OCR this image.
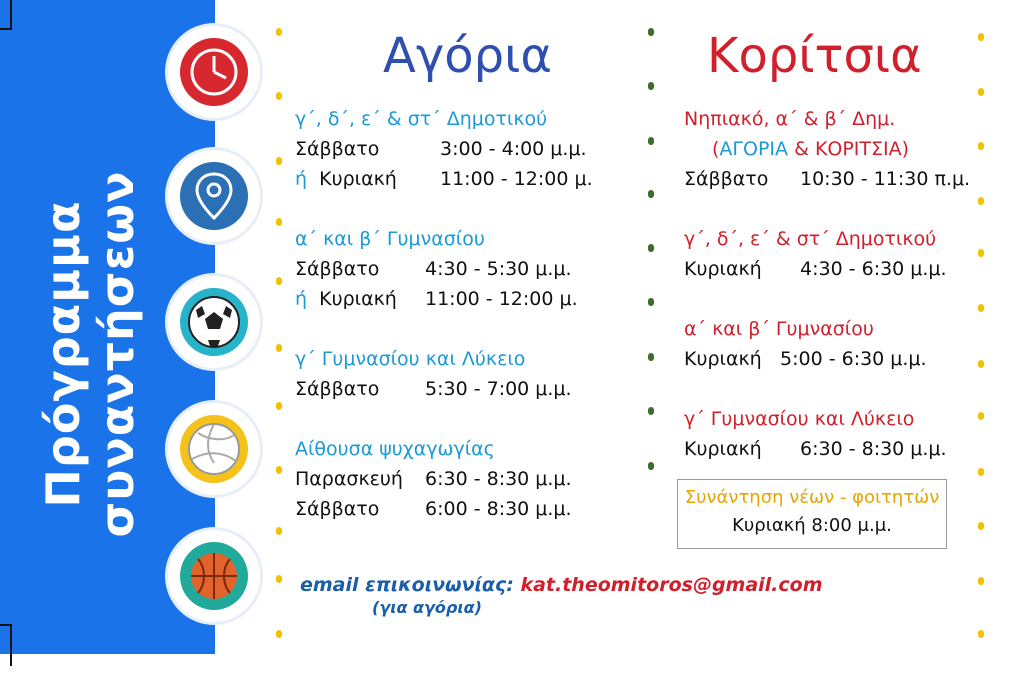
Πρόγραμμα συναντήσεων
Αγόρια
γ΄, δ΄, ε΄ & στ΄ Δημοτικού
Σάββατο	3:00 - 4:00 μ.μ.
ή Κυριακή 11:00 - 12:00 μ.
α΄ και β΄ Γυμνασίου
Σάββατο 4:30 - 5:30 μ.μ.
ή Κυριακή 11:00 - 12:00 μ.
γ΄ Γυμνασίου και Λύκειο
Σάββατο 5:30 - 7:00 μ.μ.
Αίθουσα ψυχαγωγίας
Παρασκευή 6:30 - 8:30 μ.μ.
Σάββατο 6:00 - 8:30 μ.μ.
Κορίτσια
Νηπιακό, α΄ & β΄ Δημ.
(ΑΓΟΡΙΑ & ΚΟΡΙΤΣΙΑ)
Σάββατο 10:30 - 11:30 π.μ.
γ΄, δ΄, ε΄ & στ΄ Δημοτικού
Κυριακή 4:30 - 6:30 μ.μ.
α΄ και β΄ Γυμνασίου
Κυριακή 5:00 - 6:30 μ.μ.
γ΄ Γυμνασίου και Λύκειο
Κυριακή 6:30 - 8:30 μ.μ.
Συνάντηση νέων - φοιτητών
Κυριακή 8:00 μ.μ.
email επικοινωνίας: kat.theomitoros@gmail.com
(για αγόρια)
